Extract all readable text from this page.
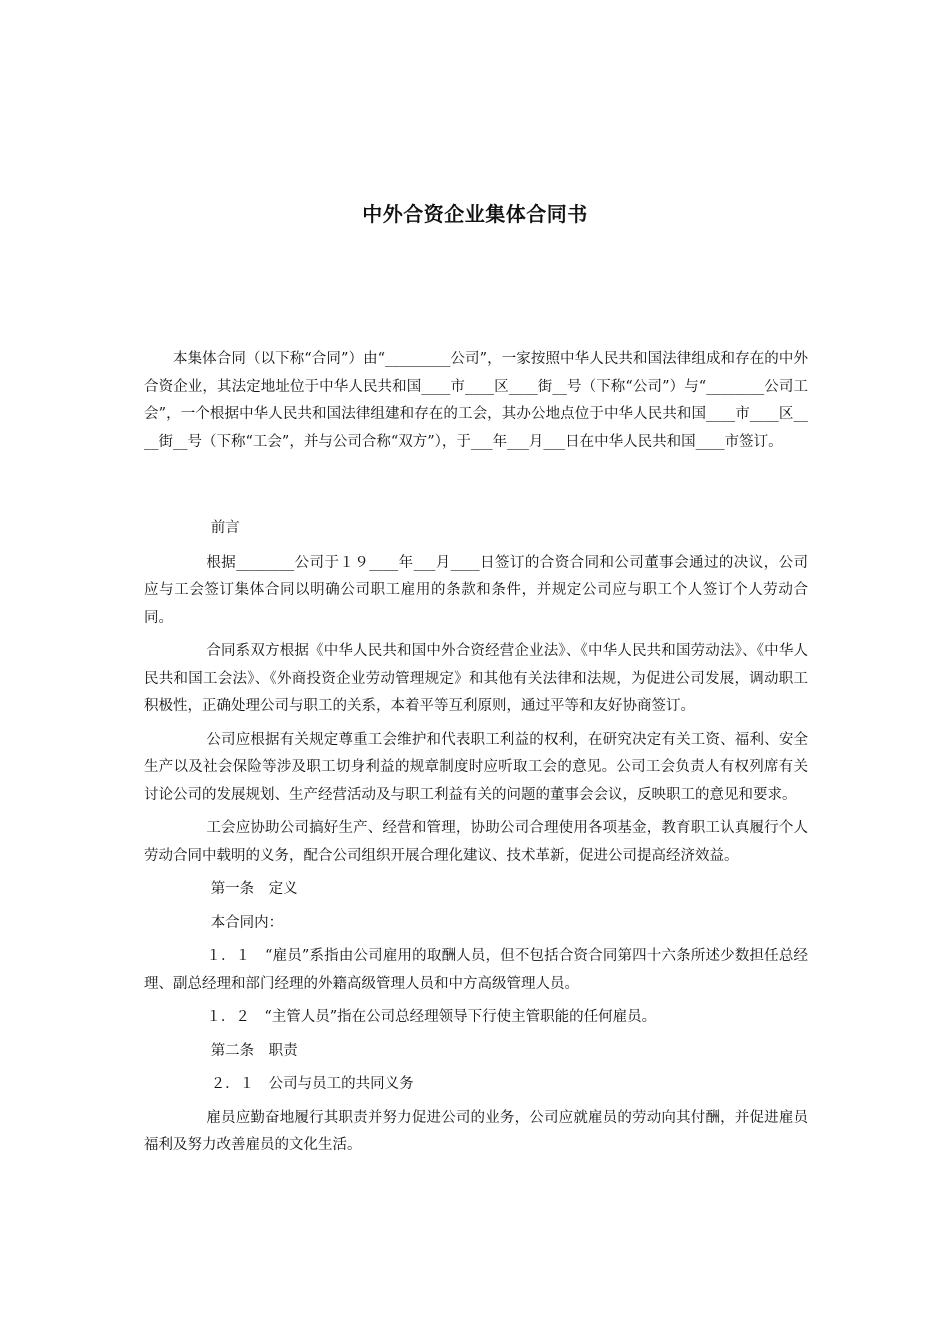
中外合资企业集体合同书

本集体合同（以下称“合同”）由“_________公司”，一家按照中华人民共和国法律组成和存在的中外合资企业，其法定地址位于中华人民共和国____市____区____街__号（下称“公司”）与“________公司工会”，一个根据中华人民共和国法律组建和存在的工会，其办公地点位于中华人民共和国____市____区____街__号（下称“工会”，并与公司合称“双方”），于___年___月___日在中华人民共和国____市签订。

前言

根据________公司于１９____年___月____日签订的合资合同和公司董事会通过的决议，公司应与工会签订集体合同以明确公司职工雇用的条款和条件，并规定公司应与职工个人签订个人劳动合同。

合同系双方根据《中华人民共和国中外合资经营企业法》、《中华人民共和国劳动法》、《中华人民共和国工会法》、《外商投资企业劳动管理规定》和其他有关法律和法规，为促进公司发展，调动职工积极性，正确处理公司与职工的关系，本着平等互利原则，通过平等和友好协商签订。

公司应根据有关规定尊重工会维护和代表职工利益的权利，在研究决定有关工资、福利、安全生产以及社会保险等涉及职工切身利益的规章制度时应听取工会的意见。公司工会负责人有权列席有关讨论公司的发展规划、生产经营活动及与职工利益有关的问题的董事会会议，反映职工的意见和要求。

工会应协助公司搞好生产、经营和管理，协助公司合理使用各项基金，教育职工认真履行个人劳动合同中载明的义务，配合公司组织开展合理化建议、技术革新，促进公司提高经济效益。

第一条　定义

本合同内：

１．１　“雇员”系指由公司雇用的取酬人员，但不包括合资合同第四十六条所述少数担任总经理、副总经理和部门经理的外籍高级管理人员和中方高级管理人员。

１．２　“主管人员”指在公司总经理领导下行使主管职能的任何雇员。

第二条　职责

２．１　公司与员工的共同义务

雇员应勤奋地履行其职责并努力促进公司的业务，公司应就雇员的劳动向其付酬，并促进雇员福利及努力改善雇员的文化生活。
